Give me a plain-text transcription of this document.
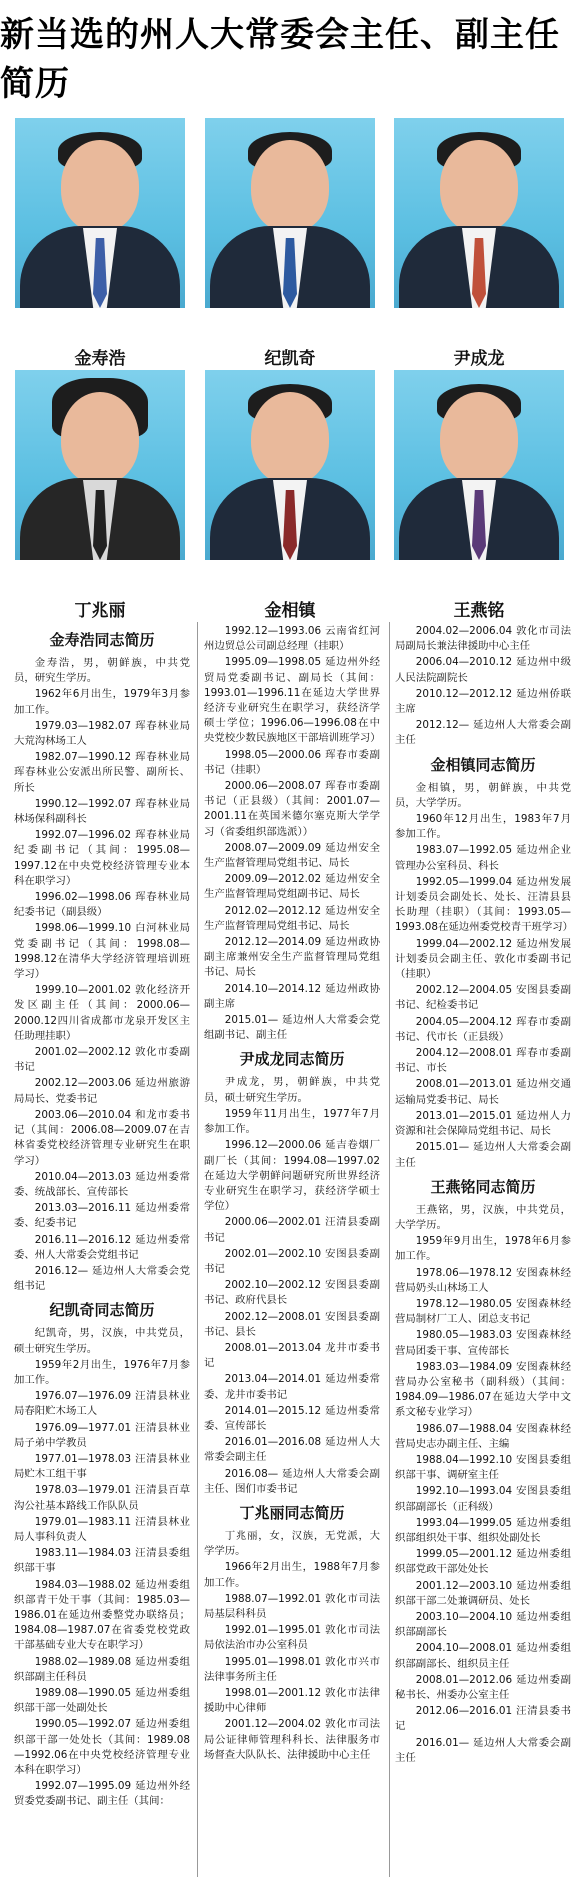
新当选的州人大常委会主任、副主任简历
金寿浩	纪凯奇	尹成龙
丁兆丽	金相镇	王燕铭
金寿浩同志简历

金寿浩，男，朝鲜族，中共党员，研究生学历。

1962年6月出生，1979年3月参加工作。

1979.03—1982.07 珲春林业局大荒沟林场工人

1982.07—1990.12 珲春林业局珲春林业公安派出所民警、副所长、所长

1990.12—1992.07 珲春林业局林场保科副科长

1992.07—1996.02 珲春林业局纪委副书记（其间：1995.08—1997.12在中央党校经济管理专业本科在职学习）

1996.02—1998.06 珲春林业局纪委书记（副县级）

1998.06—1999.10 白河林业局党委副书记（其间：1998.08—1998.12在清华大学经济管理培训班学习）

1999.10—2001.02 敦化经济开发区副主任（其间：2000.06—2000.12四川省成都市龙泉开发区主任助理挂职）

2001.02—2002.12 敦化市委副书记

2002.12—2003.06 延边州旅游局局长、党委书记

2003.06—2010.04 和龙市委书记（其间：2006.08—2009.07在吉林省委党校经济管理专业研究生在职学习）

2010.04—2013.03 延边州委常委、统战部长、宣传部长

2013.03—2016.11 延边州委常委、纪委书记

2016.11—2016.12 延边州委常委、州人大常委会党组书记

2016.12— 延边州人大常委会党组书记

纪凯奇同志简历

纪凯奇，男，汉族，中共党员，硕士研究生学历。

1959年2月出生，1976年7月参加工作。

1976.07—1976.09 汪清县林业局春阳贮木场工人

1976.09—1977.01 汪清县林业局子弟中学教员

1977.01—1978.03 汪清县林业局贮木工组干事

1978.03—1979.01 汪清县百草沟公社基本路线工作队队员

1979.01—1983.11 汪清县林业局人事科负责人

1983.11—1984.03 汪清县委组织部干事

1984.03—1988.02 延边州委组织部青干处干事（其间：1985.03—1986.01在延边州委整党办联络员；1984.08—1987.07在省委党校党政干部基础专业大专在职学习）

1988.02—1989.08 延边州委组织部副主任科员

1989.08—1990.05 延边州委组织部干部一处副处长

1990.05—1992.07 延边州委组织部干部一处处长（其间：1989.08—1992.06在中央党校经济管理专业本科在职学习）

1992.07—1995.09 延边州外经贸委党委副书记、副主任（其间：

1992.12—1993.06 云南省红河州边贸总公司副总经理（挂职）

1995.09—1998.05 延边州外经贸局党委副书记、副局长（其间：1993.01—1996.11在延边大学世界经济专业研究生在职学习，获经济学硕士学位；1996.06—1996.08在中央党校少数民族地区干部培训班学习）

1998.05—2000.06 珲春市委副书记（挂职）

2000.06—2008.07 珲春市委副书记（正县级）（其间：2001.07—2001.11在英国米德尔塞克斯大学学习（省委组织部选派））

2008.07—2009.09 延边州安全生产监督管理局党组书记、局长

2009.09—2012.02 延边州安全生产监督管理局党组副书记、局长

2012.02—2012.12 延边州安全生产监督管理局党组书记、局长

2012.12—2014.09 延边州政协副主席兼州安全生产监督管理局党组书记、局长

2014.10—2014.12 延边州政协副主席

2015.01— 延边州人大常委会党组副书记、副主任

尹成龙同志简历

尹成龙，男，朝鲜族，中共党员，硕士研究生学历。

1959年11月出生，1977年7月参加工作。

1996.12—2000.06 延吉卷烟厂副厂长（其间：1994.08—1997.02在延边大学朝鲜问题研究所世界经济专业研究生在职学习，获经济学硕士学位）

2000.06—2002.01 汪清县委副书记

2002.01—2002.10 安图县委副书记

2002.10—2002.12 安图县委副书记、政府代县长

2002.12—2008.01 安图县委副书记、县长

2008.01—2013.04 龙井市委书记

2013.04—2014.01 延边州委常委、龙井市委书记

2014.01—2015.12 延边州委常委、宣传部长

2016.01—2016.08 延边州人大常委会副主任

2016.08— 延边州人大常委会副主任、图们市委书记

丁兆丽同志简历

丁兆丽，女，汉族，无党派，大学学历。

1966年2月出生，1988年7月参加工作。

1988.07—1992.01 敦化市司法局基层科科员

1992.01—1995.01 敦化市司法局依法治市办公室科员

1995.01—1998.01 敦化市兴市法律事务所主任

1998.01—2001.12 敦化市法律援助中心律师

2001.12—2004.02 敦化市司法局公证律师管理科科长、法律服务市场督查大队队长、法律援助中心主任

2004.02—2006.04 敦化市司法局副局长兼法律援助中心主任

2006.04—2010.12 延边州中级人民法院副院长

2010.12—2012.12 延边州侨联主席

2012.12— 延边州人大常委会副主任

金相镇同志简历

金相镇，男，朝鲜族，中共党员，大学学历。

1960年12月出生，1983年7月参加工作。

1983.07—1992.05 延边州企业管理办公室科员、科长

1992.05—1999.04 延边州发展计划委员会副处长、处长、汪清县县长助理（挂职）（其间：1993.05—1993.08在延边州委党校青干班学习）

1999.04—2002.12 延边州发展计划委员会副主任、敦化市委副书记（挂职）

2002.12—2004.05 安图县委副书记、纪检委书记

2004.05—2004.12 珲春市委副书记、代市长（正县级）

2004.12—2008.01 珲春市委副书记、市长

2008.01—2013.01 延边州交通运输局党委书记、局长

2013.01—2015.01 延边州人力资源和社会保障局党组书记、局长

2015.01— 延边州人大常委会副主任

王燕铭同志简历

王燕铭，男，汉族，中共党员，大学学历。

1959年9月出生，1978年6月参加工作。

1978.06—1978.12 安图森林经营局奶头山林场工人

1978.12—1980.05 安图森林经营局制材厂工人、团总支书记

1980.05—1983.03 安图森林经营局团委干事、宣传部长

1983.03—1984.09 安图森林经营局办公室秘书（副科级）（其间：1984.09—1986.07在延边大学中文系文秘专业学习）

1986.07—1988.04 安图森林经营局史志办副主任、主编

1988.04—1992.10 安图县委组织部干事、调研室主任

1992.10—1993.04 安图县委组织部副部长（正科级）

1993.04—1999.05 延边州委组织部组织处干事、组织处副处长

1999.05—2001.12 延边州委组织部党政干部处处长

2001.12—2003.10 延边州委组织部干部二处兼调研员、处长

2003.10—2004.10 延边州委组织部副部长

2004.10—2008.01 延边州委组织部副部长、组织员主任

2008.01—2012.06 延边州委副秘书长、州委办公室主任

2012.06—2016.01 汪清县委书记

2016.01— 延边州人大常委会副主任
